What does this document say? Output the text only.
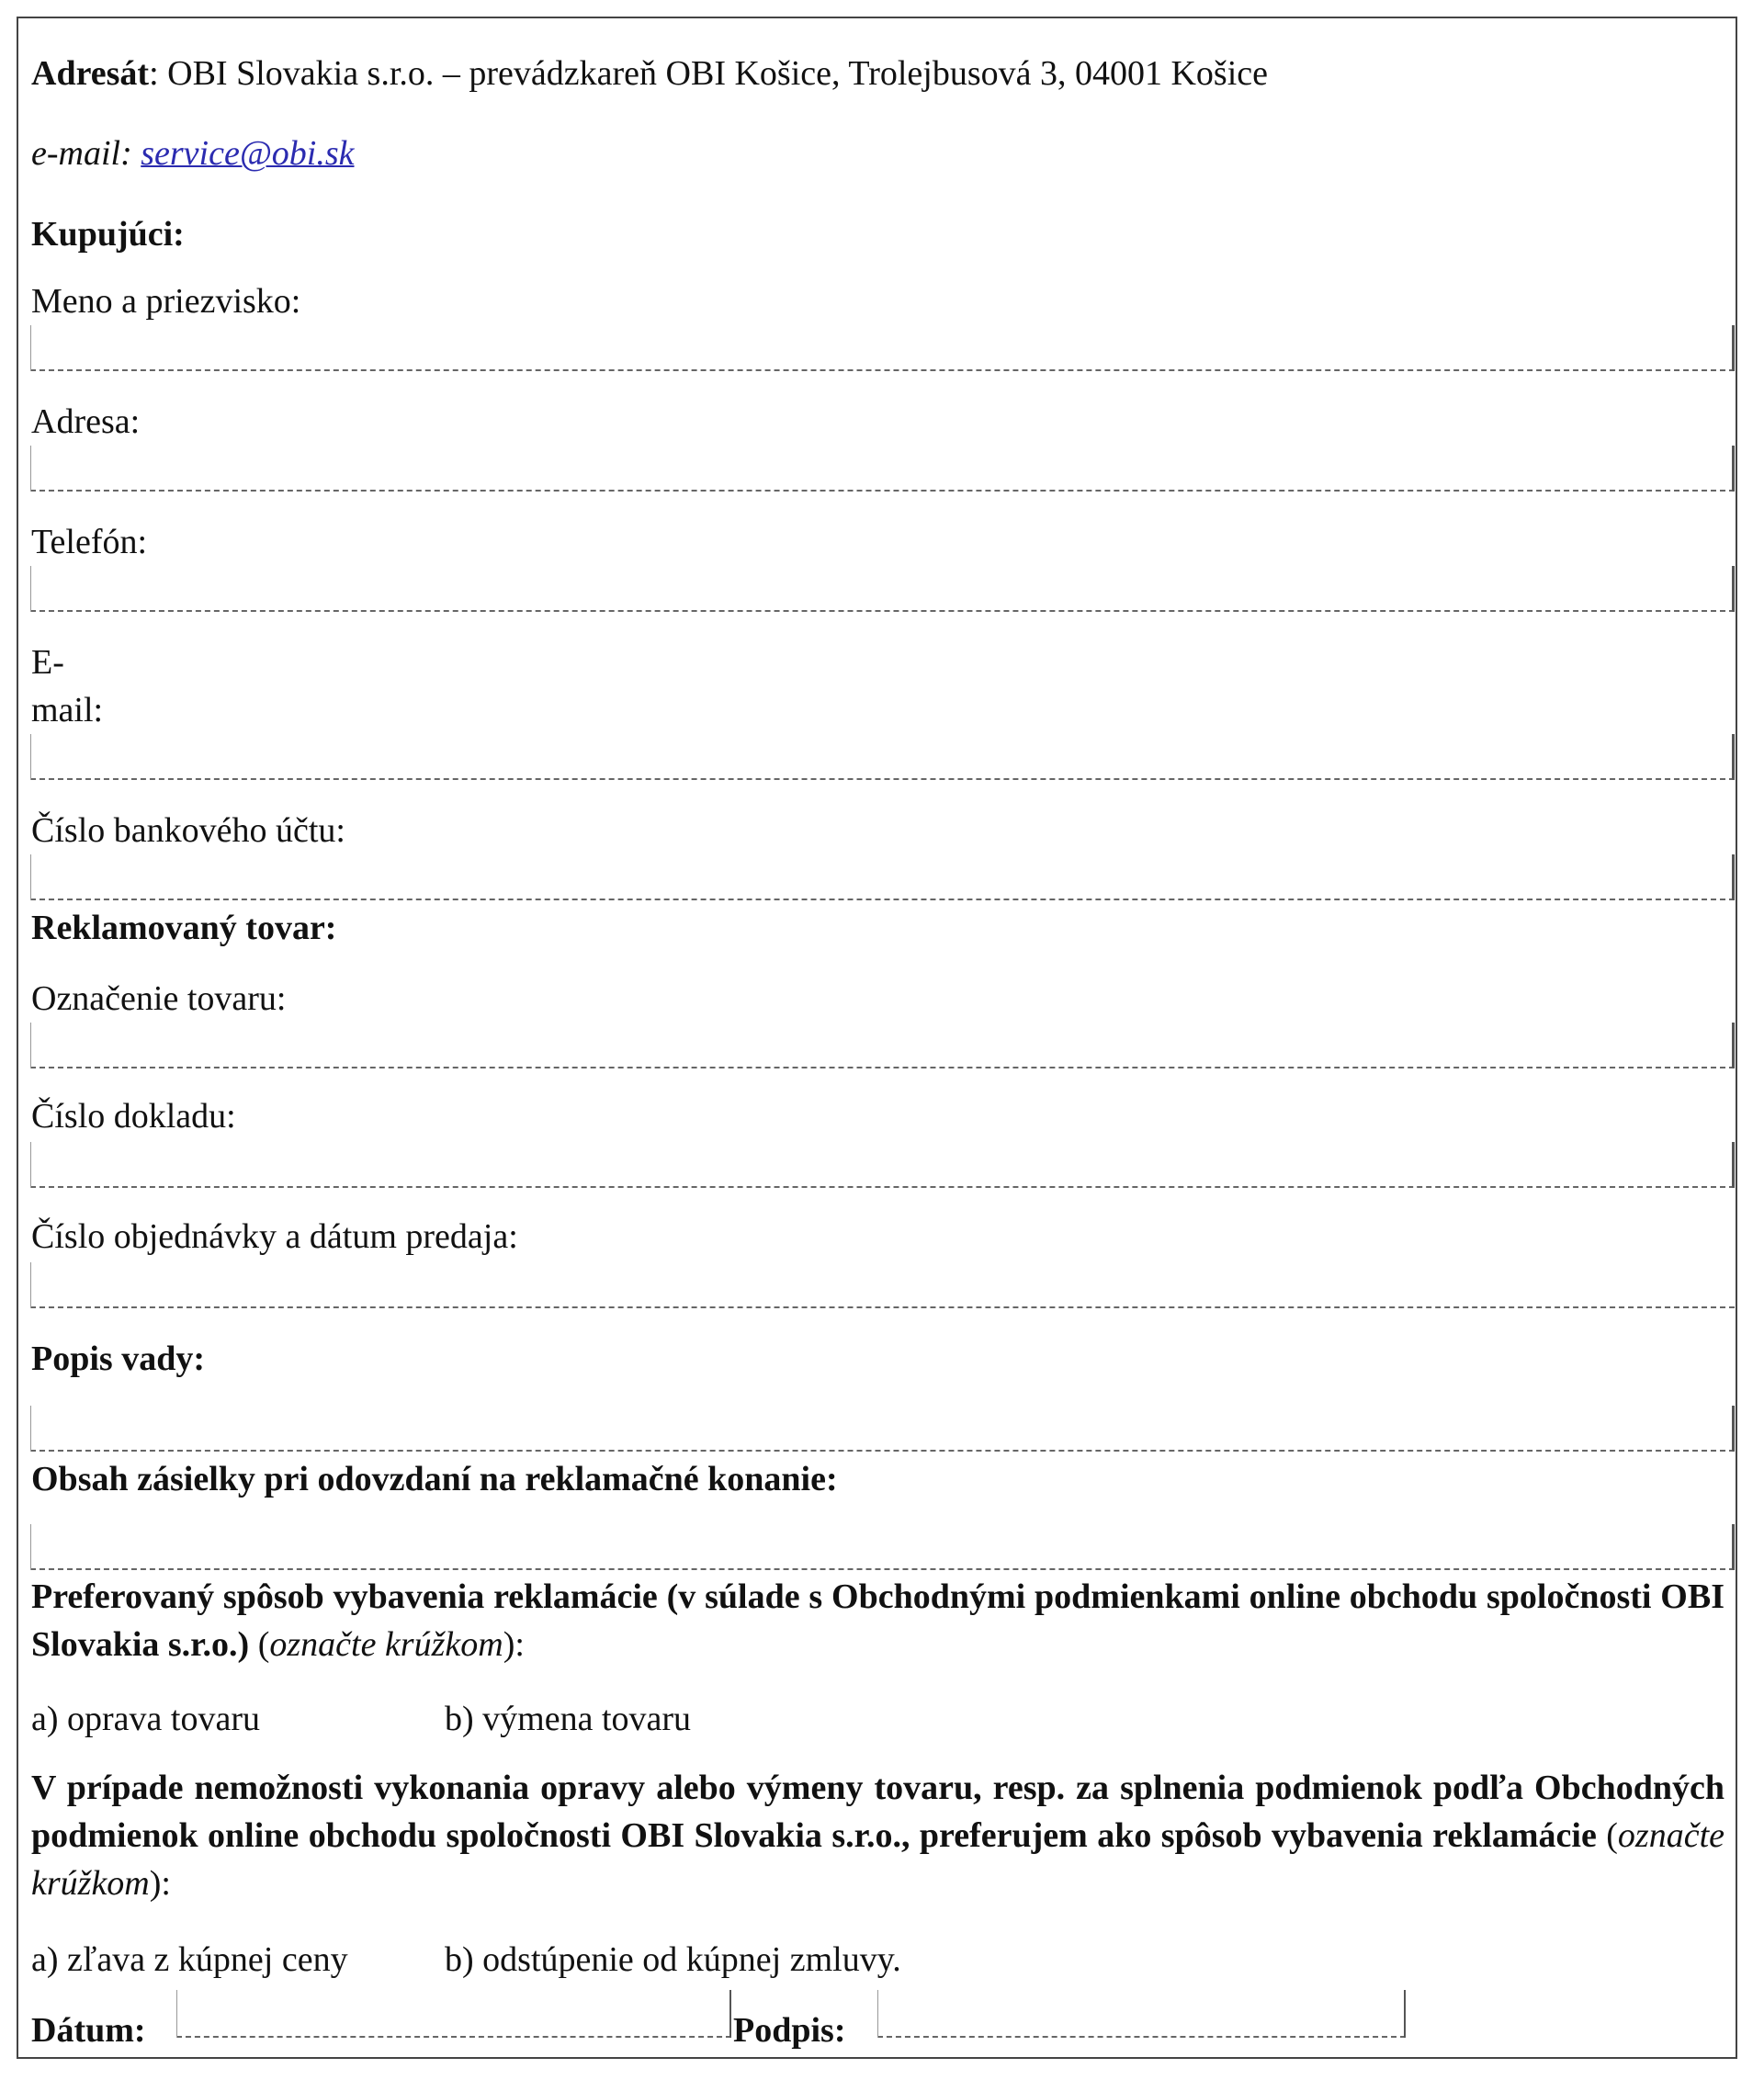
Adresát: OBI Slovakia s.r.o. – prevádzkareň OBI Košice, Trolejbusová 3, 04001 Košice
e-mail: service@obi.sk
Kupujúci:
Meno a priezvisko:
Adresa:
Telefón:
E-
mail:
Číslo bankového účtu:
Reklamovaný tovar:
Označenie tovaru:
Číslo dokladu:
Číslo objednávky a dátum predaja:
Popis vady:
Obsah zásielky pri odovzdaní na reklamačné konanie:
Preferovaný spôsob vybavenia reklamácie (v súlade s Obchodnými podmienkami online obchodu spoločnosti OBI Slovakia s.r.o.) (označte krúžkom):
a) oprava tovaru	b) výmena tovaru
V prípade nemožnosti vykonania opravy alebo výmeny tovaru, resp. za splnenia podmienok podľa Obchodných podmienok online obchodu spoločnosti OBI Slovakia s.r.o., preferujem ako spôsob vybavenia reklamácie (označte krúžkom):
a) zľava z kúpnej ceny	b) odstúpenie od kúpnej zmluvy.
Dátum:	Podpis:
